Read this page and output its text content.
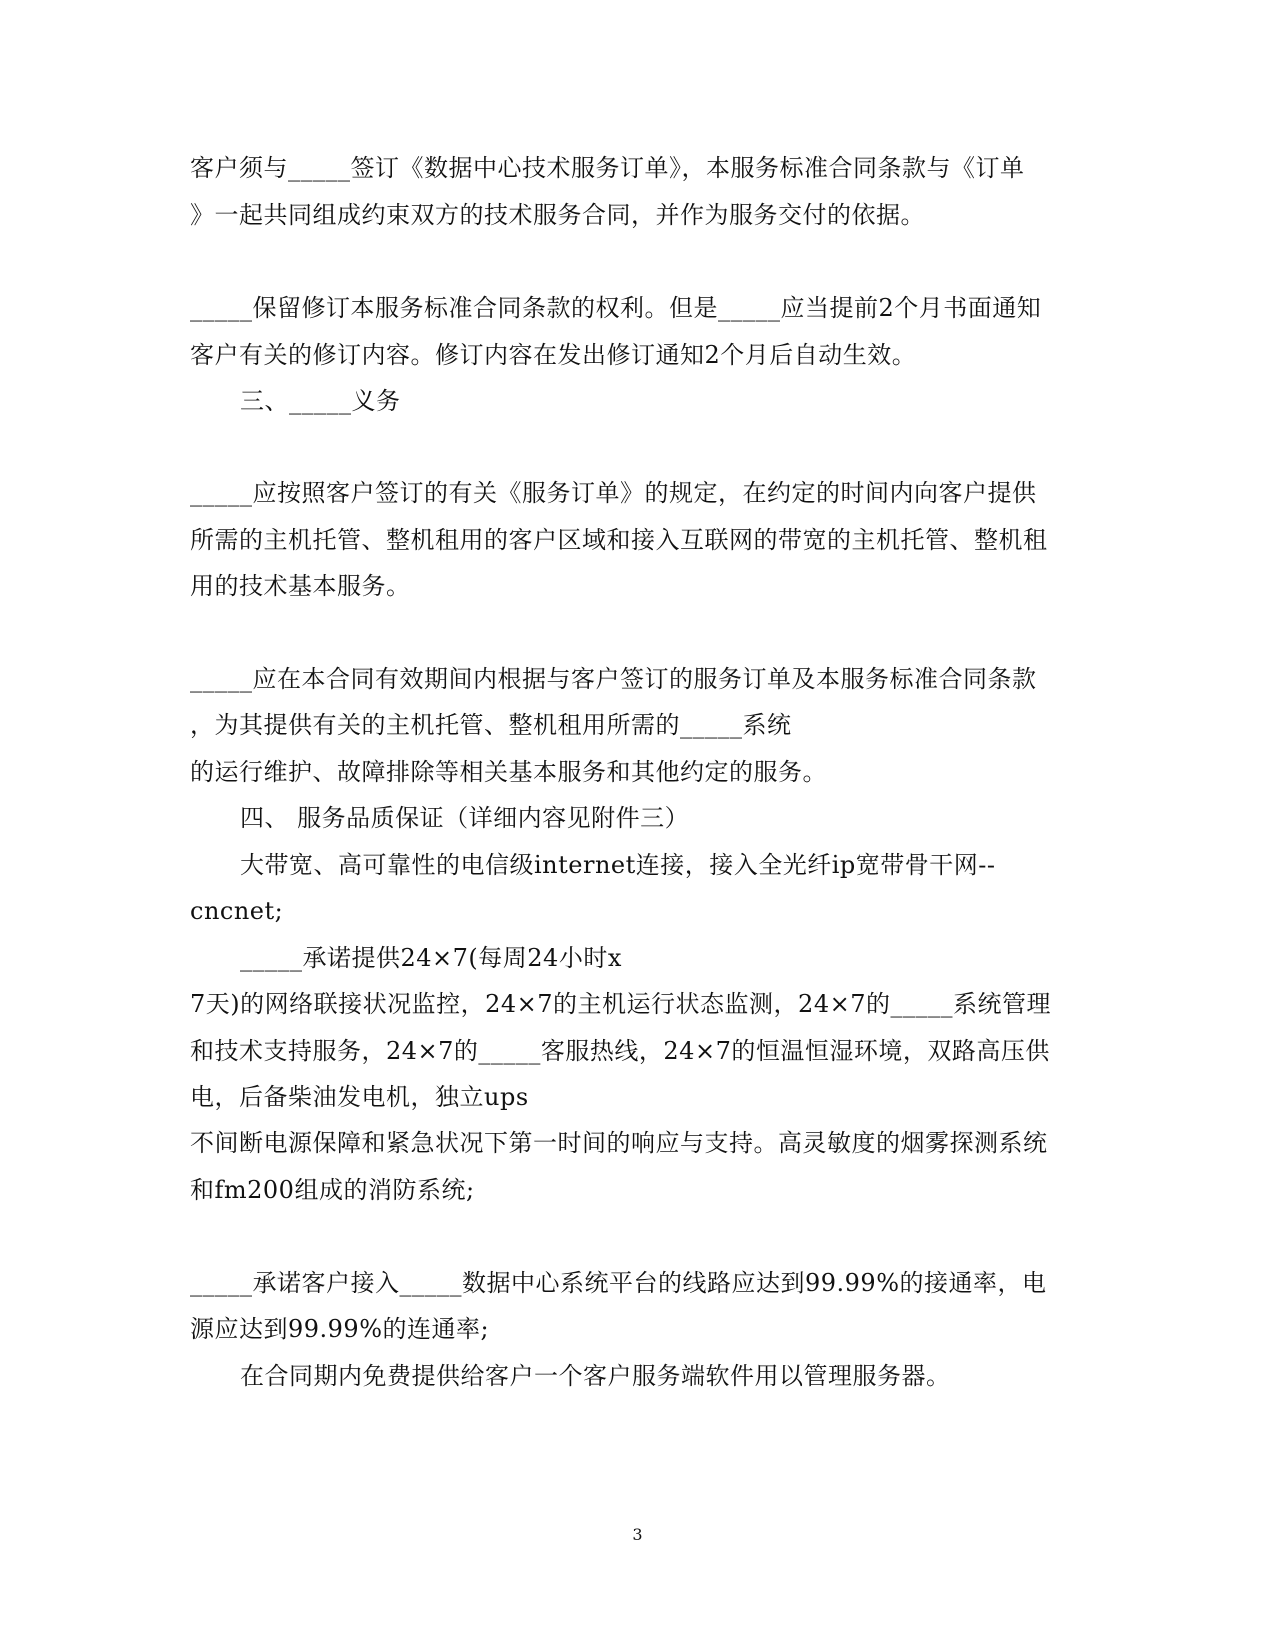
客户须与_____签订《数据中心技术服务订单》，本服务标准合同条款与《订单
》一起共同组成约束双方的技术服务合同，并作为服务交付的依据。
_____保留修订本服务标准合同条款的权利。但是_____应当提前2个月书面通知
客户有关的修订内容。修订内容在发出修订通知2个月后自动生效。
三、_____义务
_____应按照客户签订的有关《服务订单》的规定，在约定的时间内向客户提供
所需的主机托管、整机租用的客户区域和接入互联网的带宽的主机托管、整机租
用的技术基本服务。
_____应在本合同有效期间内根据与客户签订的服务订单及本服务标准合同条款
，为其提供有关的主机托管、整机租用所需的_____系统
的运行维护、故障排除等相关基本服务和其他约定的服务。
四、 服务品质保证（详细内容见附件三）
大带宽、高可靠性的电信级internet连接，接入全光纤ip宽带骨干网--
cncnet;
_____承诺提供24×7(每周24小时x
7天)的网络联接状况监控，24×7的主机运行状态监测，24×7的_____系统管理
和技术支持服务，24×7的_____客服热线，24×7的恒温恒湿环境，双路高压供
电，后备柴油发电机，独立ups
不间断电源保障和紧急状况下第一时间的响应与支持。高灵敏度的烟雾探测系统
和fm200组成的消防系统;
_____承诺客户接入_____数据中心系统平台的线路应达到99.99%的接通率，电
源应达到99.99%的连通率;
在合同期内免费提供给客户一个客户服务端软件用以管理服务器。
3
